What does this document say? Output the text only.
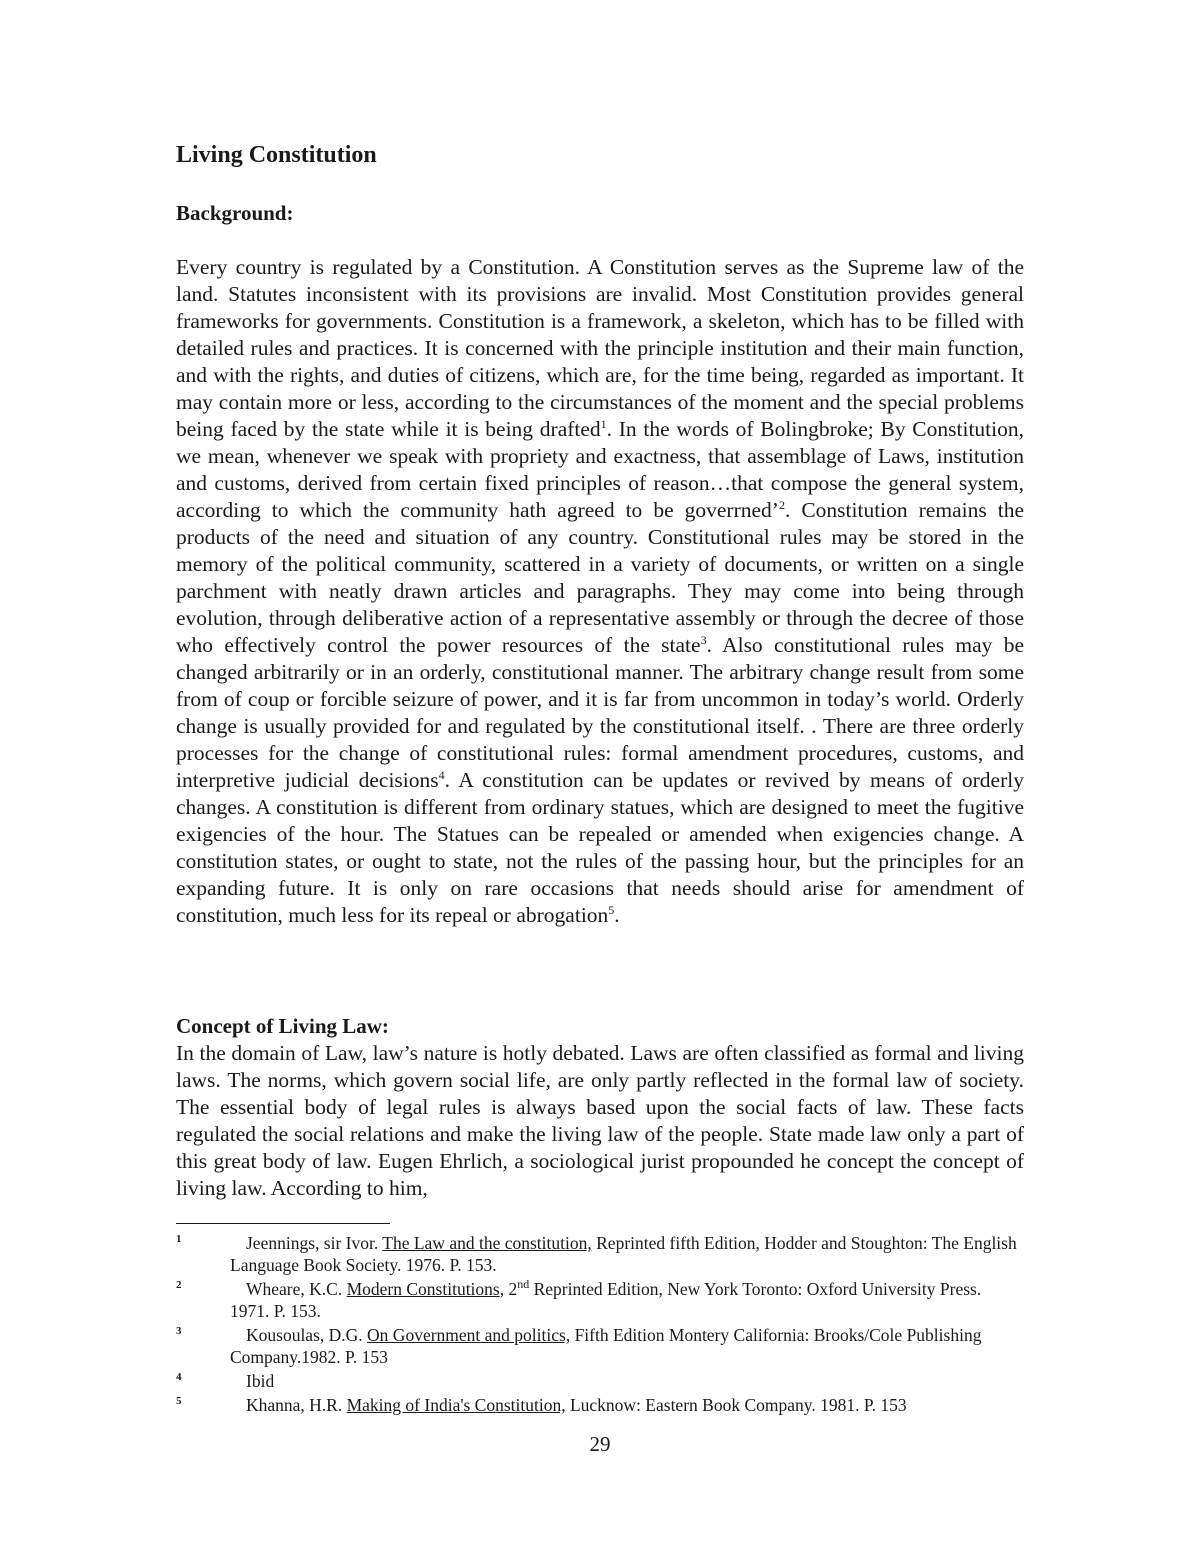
Living Constitution
Background:

Every country is regulated by a Constitution. A Constitution serves as the Supreme law of the land. Statutes inconsistent with its provisions are invalid. Most Constitution provides general frameworks for governments. Constitution is a framework, a skeleton, which has to be filled with detailed rules and practices. It is concerned with the principle institution and their main function, and with the rights, and duties of citizens, which are, for the time being, regarded as important. It may contain more or less, according to the circumstances of the moment and the special problems being faced by the state while it is being drafted$^1$. In the words of Bolingbroke; By Constitution, we mean, whenever we speak with propriety and exactness, that assemblage of Laws, institution and customs, derived from certain fixed principles of reason…that compose the general system, according to which the community hath agreed to be goverrned’$^2$. Constitution remains the products of the need and situation of any country. Constitutional rules may be stored in the memory of the political community, scattered in a variety of documents, or written on a single parchment with neatly drawn articles and paragraphs. They may come into being through evolution, through deliberative action of a representative assembly or through the decree of those who effectively control the power resources of the state$^3$. Also constitutional rules may be changed arbitrarily or in an orderly, constitutional manner. The arbitrary change result from some from of coup or forcible seizure of power, and it is far from uncommon in today’s world. Orderly change is usually provided for and regulated by the constitutional itself. . There are three orderly processes for the change of constitutional rules: formal amendment procedures, customs, and interpretive judicial decisions$^4$. A constitution can be updates or revived by means of orderly changes. A constitution is different from ordinary statues, which are designed to meet the fugitive exigencies of the hour. The Statues can be repealed or amended when exigencies change. A constitution states, or ought to state, not the rules of the passing hour, but the principles for an expanding future. It is only on rare occasions that needs should arise for amendment of constitution, much less for its repeal or abrogation$^5$.

Concept of Living Law:

In the domain of Law, law’s nature is hotly debated. Laws are often classified as formal and living laws. The norms, which govern social life, are only partly reflected in the formal law of society. The essential body of legal rules is always based upon the social facts of law. These facts regulated the social relations and make the living law of the people. State made law only a part of this great body of law. Eugen Ehrlich, a sociological jurist propounded he concept the concept of living law. According to him,

1	Jeennings, sir Ivor. The Law and the constitution, Reprinted fifth Edition, Hodder and Stoughton: The English Language Book Society. 1976. P. 153.
2	Wheare, K.C. Modern Constitutions, 2nd Reprinted Edition, New York Toronto: Oxford University Press. 1971. P. 153.
3	Kousoulas, D.G. On Government and politics, Fifth Edition Montery California: Brooks/Cole Publishing Company.1982. P. 153
4	Ibid
5	Khanna, H.R. Making of India's Constitution, Lucknow: Eastern Book Company. 1981. P. 153
29
